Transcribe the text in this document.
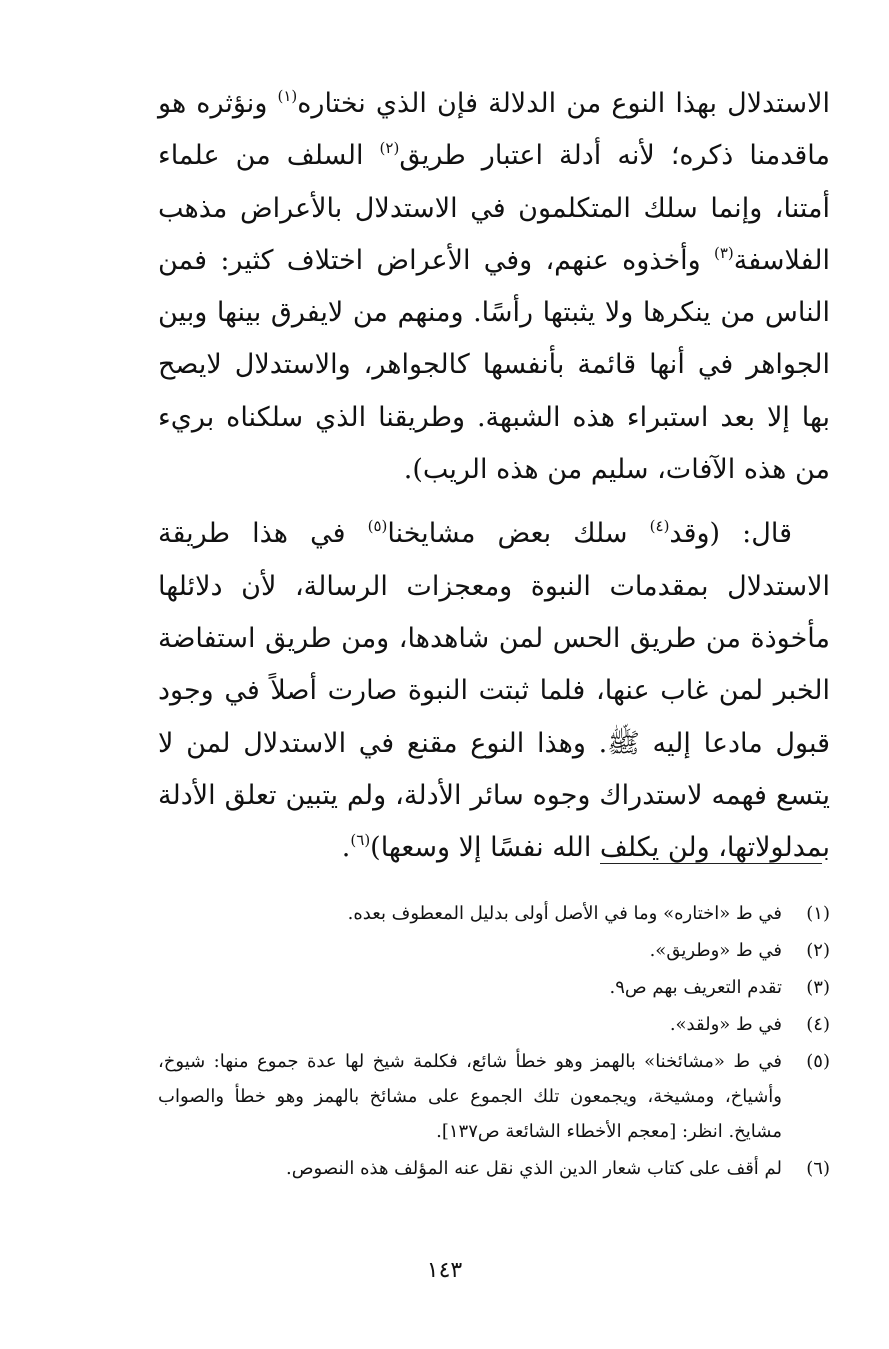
الاستدلال بهذا النوع من الدلالة فإن الذي نختاره$^{(١)}$ ونؤثره هو ماقدمنا ذكره؛ لأنه أدلة اعتبار طريق$^{(٢)}$ السلف من علماء أمتنا، وإنما سلك المتكلمون في الاستدلال بالأعراض مذهب الفلاسفة$^{(٣)}$ وأخذوه عنهم، وفي الأعراض اختلاف كثير: فمن الناس من ينكرها ولا يثبتها رأسًا. ومنهم من لايفرق بينها وبين الجواهر في أنها قائمة بأنفسها كالجواهر، والاستدلال لايصح بها إلا بعد استبراء هذه الشبهة. وطريقنا الذي سلكناه بريء من هذه الآفات، سليم من هذه الريب).

قال: (وقد$^{(٤)}$ سلك بعض مشايخنا$^{(٥)}$ في هذا طريقة الاستدلال بمقدمات النبوة ومعجزات الرسالة، لأن دلائلها مأخوذة من طريق الحس لمن شاهدها، ومن طريق استفاضة الخبر لمن غاب عنها، فلما ثبتت النبوة صارت أصلاً في وجود قبول مادعا إليه ﷺ. وهذا النوع مقنع في الاستدلال لمن لا يتسع فهمه لاستدراك وجوه سائر الأدلة، ولم يتبين تعلق الأدلة بمدلولاتها، ولن يكلف الله نفسًا إلا وسعها)$^{(٦)}$.

(١)
في ط «اختاره» وما في الأصل أولى بدليل المعطوف بعده.
(٢)
في ط «وطريق».
(٣)
تقدم التعريف بهم ص٩.
(٤)
في ط «ولقد».
(٥)
في ط «مشائخنا» بالهمز وهو خطأ شائع، فكلمة شيخ لها عدة جموع منها: شيوخ، وأشياخ، ومشيخة، ويجمعون تلك الجموع على مشائخ بالهمز وهو خطأ والصواب مشايخ. انظر: [معجم الأخطاء الشائعة ص١٣٧].
(٦)
لم أقف على كتاب شعار الدين الذي نقل عنه المؤلف هذه النصوص.
١٤٣
